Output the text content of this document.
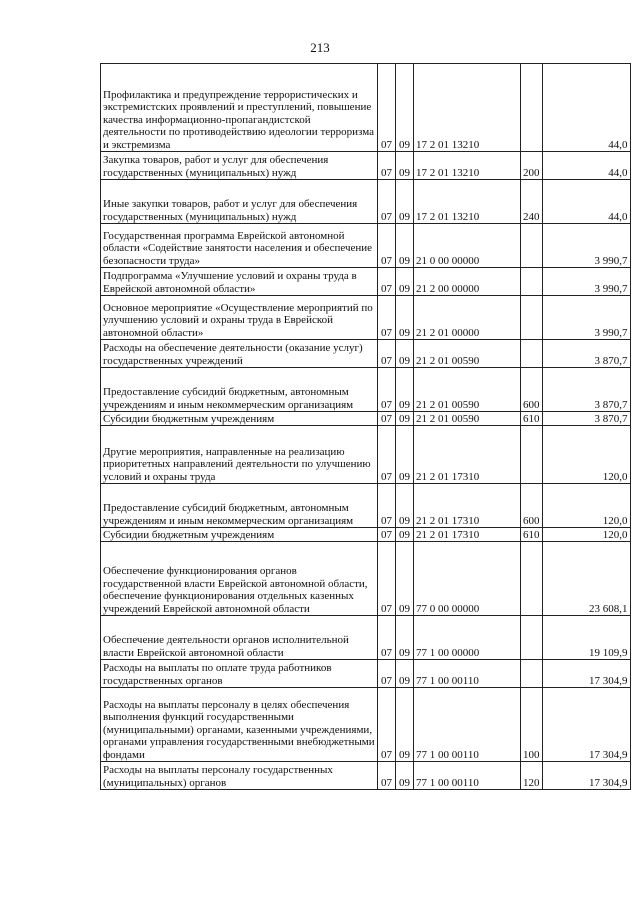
213
Профилактика и предупреждение террористических и экстремистских проявлений и преступлений, повышение качества информационно-пропагандистской деятельности по противодействию идеологии терроризма и экстремизма	07	09	17 2 01 13210		44,0
Закупка товаров, работ и услуг для обеспечения государственных (муниципальных) нужд	07	09	17 2 01 13210	200	44,0
Иные закупки товаров, работ и услуг для обеспечения государственных (муниципальных) нужд	07	09	17 2 01 13210	240	44,0
Государственная программа Еврейской автономной области «Содействие занятости населения и обеспечение безопасности труда»	07	09	21 0 00 00000		3 990,7
Подпрограмма «Улучшение условий и охраны труда в Еврейской автономной области»	07	09	21 2 00 00000		3 990,7
Основное мероприятие «Осуществление мероприятий по улучшению условий и охраны труда в Еврейской автономной области»	07	09	21 2 01 00000		3 990,7
Расходы на обеспечение деятельности (оказание услуг) государственных учреждений	07	09	21 2 01 00590		3 870,7
Предоставление субсидий бюджетным, автономным учреждениям и иным некоммерческим организациям	07	09	21 2 01 00590	600	3 870,7
Субсидии бюджетным учреждениям	07	09	21 2 01 00590	610	3 870,7
Другие мероприятия, направленные на реализацию приоритетных направлений деятельности по улучшению условий и охраны труда	07	09	21 2 01 17310		120,0
Предоставление субсидий бюджетным, автономным учреждениям и иным некоммерческим организациям	07	09	21 2 01 17310	600	120,0
Субсидии бюджетным учреждениям	07	09	21 2 01 17310	610	120,0
Обеспечение функционирования органов государственной власти Еврейской автономной области, обеспечение функционирования отдельных казенных учреждений Еврейской автономной области	07	09	77 0 00 00000		23 608,1
Обеспечение деятельности органов исполнительной власти Еврейской автономной области	07	09	77 1 00 00000		19 109,9
Расходы на выплаты по оплате труда работников государственных органов	07	09	77 1 00 00110		17 304,9
Расходы на выплаты персоналу в целях обеспечения выполнения функций государственными (муниципальными) органами, казенными учреждениями, органами управления государственными внебюджетными фондами	07	09	77 1 00 00110	100	17 304,9
Расходы на выплаты персоналу государственных (муниципальных) органов	07	09	77 1 00 00110	120	17 304,9
